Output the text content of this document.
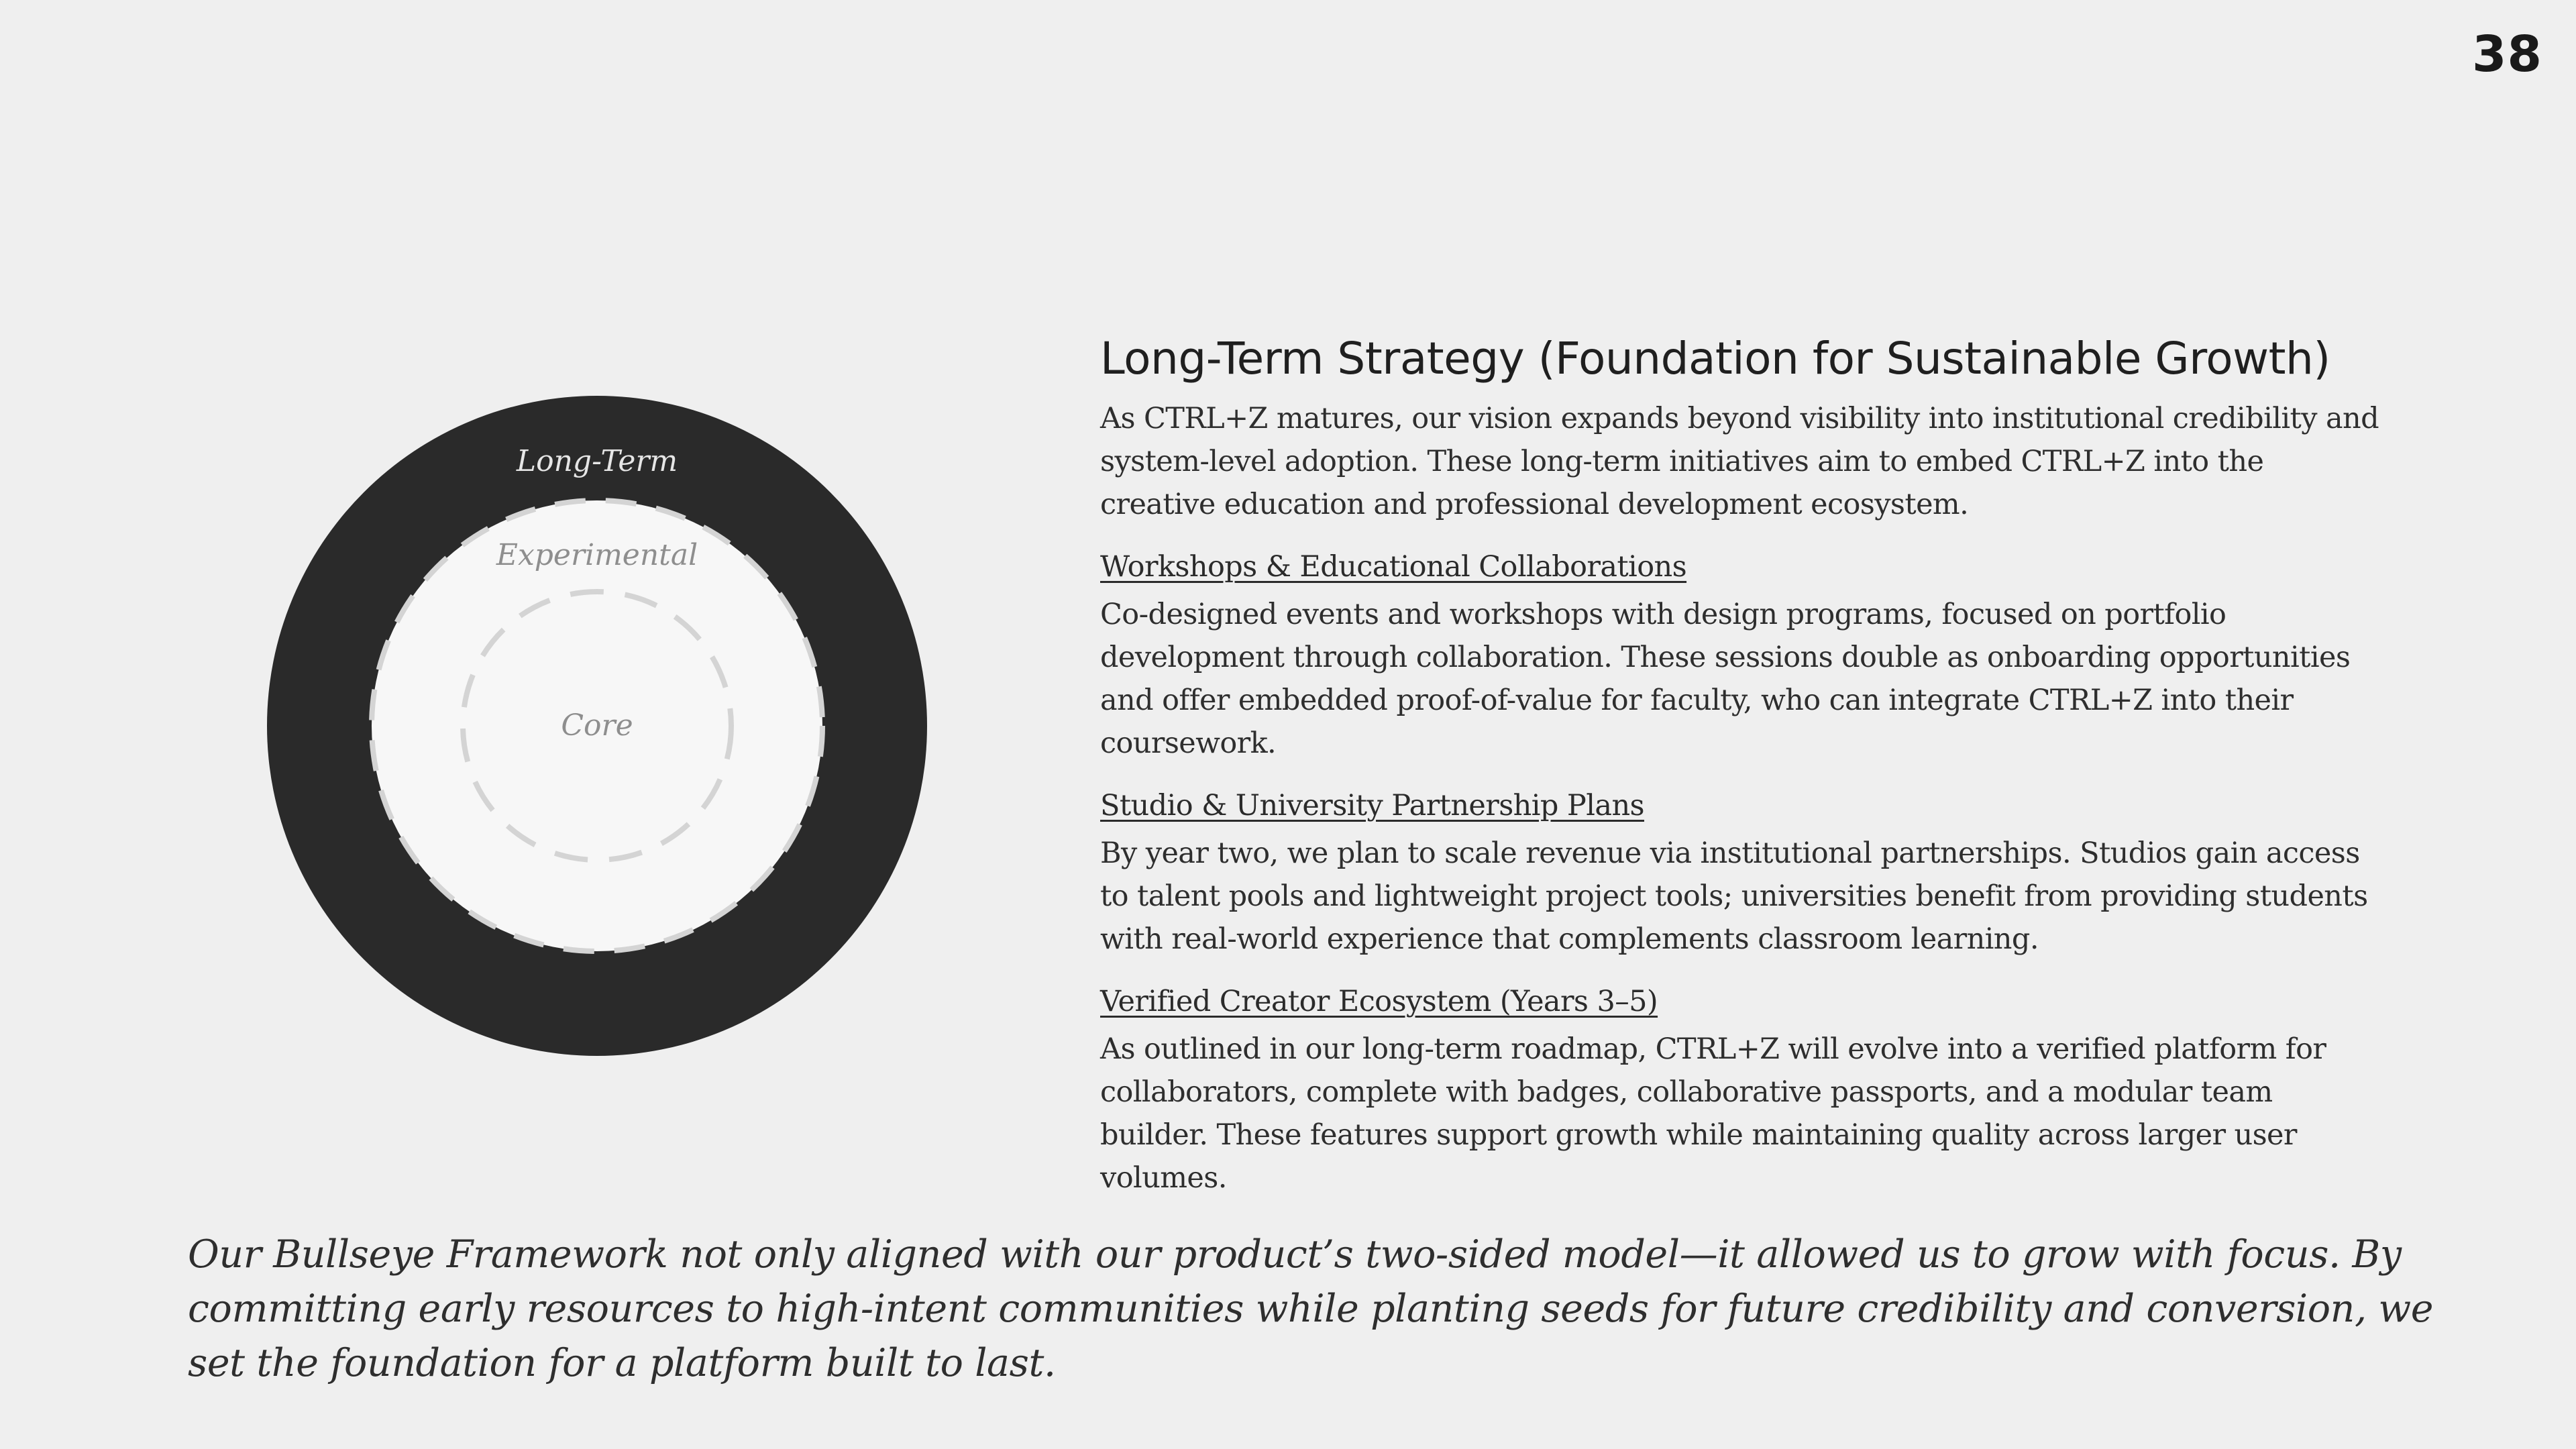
38
Long-Term
Experimental
Core
Long-Term Strategy (Foundation for Sustainable Growth)

As CTRL+Z matures, our vision expands beyond visibility into institutional credibility and system-level adoption. These long-term initiatives aim to embed CTRL+Z into the creative education and professional development ecosystem.

Workshops & Educational Collaborations

Co-designed events and workshops with design programs, focused on portfolio development through collaboration. These sessions double as onboarding opportunities and offer embedded proof-of-value for faculty, who can integrate CTRL+Z into their coursework.

Studio & University Partnership Plans

By year two, we plan to scale revenue via institutional partnerships. Studios gain access to talent pools and lightweight project tools; universities benefit from providing students with real-world experience that complements classroom learning.

Verified Creator Ecosystem (Years 3–5)

As outlined in our long-term roadmap, CTRL+Z will evolve into a verified platform for collaborators, complete with badges, collaborative passports, and a modular team builder. These features support growth while maintaining quality across larger user volumes.

Our Bullseye Framework not only aligned with our product’s two-sided model—it allowed us to grow with focus. By committing early resources to high-intent communities while planting seeds for future credibility and conversion, we set the foundation for a platform built to last.
